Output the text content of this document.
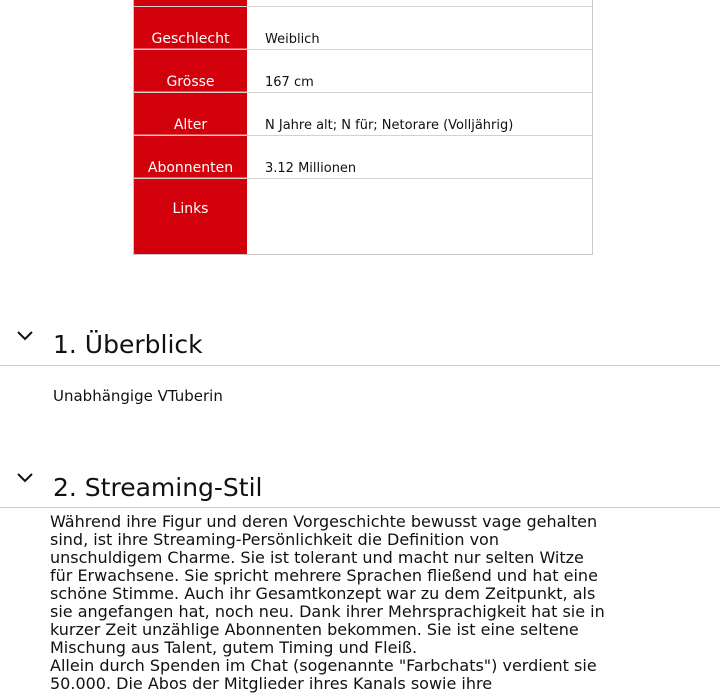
Geschlecht	Weiblich
Grösse	167 cm
Alter	N Jahre alt; N für; Netorare (Volljährig)
Abonnenten	3.12 Millionen
Links
1. Überblick
Unabhängige VTuberin
2. Streaming-Stil

Während ihre Figur und deren Vorgeschichte bewusst vage gehalten sind, ist ihre Streaming-Persönlichkeit die Definition von unschuldigem Charme. Sie ist tolerant und macht nur selten Witze für Erwachsene. Sie spricht mehrere Sprachen fließend und hat eine schöne Stimme. Auch ihr Gesamtkonzept war zu dem Zeitpunkt, als sie angefangen hat, noch neu. Dank ihrer Mehrsprachigkeit hat sie in kurzer Zeit unzählige Abonnenten bekommen. Sie ist eine seltene Mischung aus Talent, gutem Timing und Fleiß.

Allein durch Spenden im Chat (sogenannte "Farbchats") verdient sie 50.000. Die Abos der Mitglieder ihres Kanals sowie ihre
